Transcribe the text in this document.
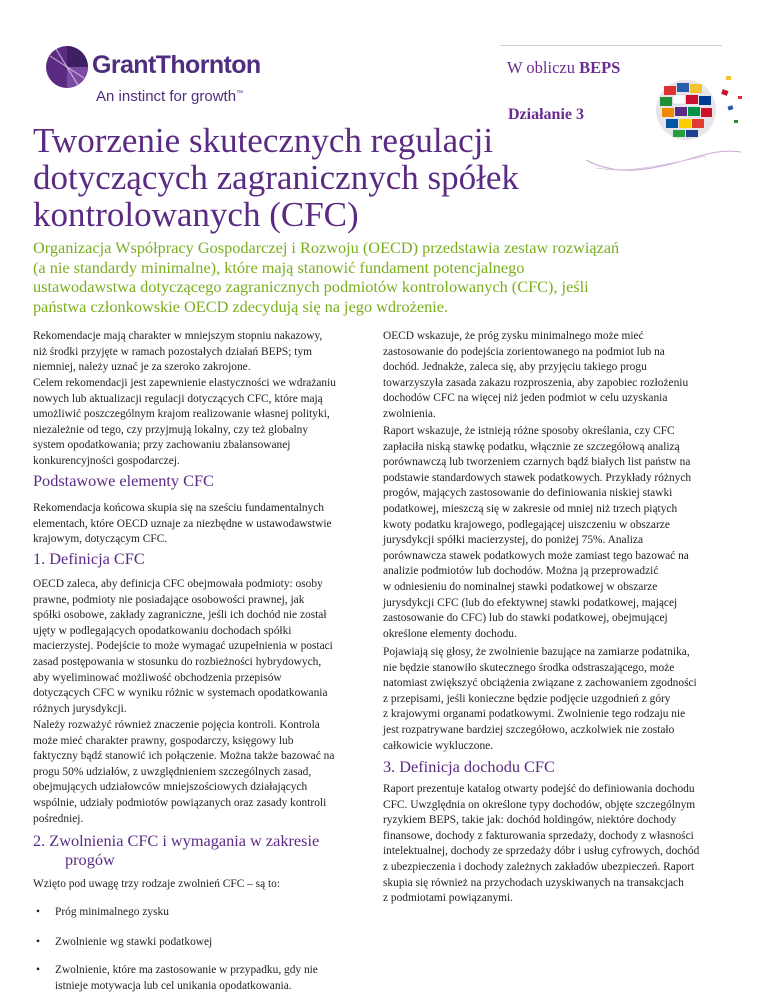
GrantThornton
An instinct for growth™
W obliczu BEPS
Działanie 3
Tworzenie skutecznych regulacji
dotyczących zagranicznych spółek
kontrolowanych (CFC)
Organizacja Współpracy Gospodarczej i Rozwoju (OECD) przedstawia zestaw rozwiązań
(a nie standardy minimalne), które mają stanowić fundament potencjalnego
ustawodawstwa dotyczącego zagranicznych podmiotów kontrolowanych (CFC), jeśli
państwa członkowskie OECD zdecydują się na jego wdrożenie.
Rekomendacje mają charakter w mniejszym stopniu nakazowy,
niż środki przyjęte w ramach pozostałych działań BEPS; tym
niemniej, należy uznać je za szeroko zakrojone.
Celem rekomendacji jest zapewnienie elastyczności we wdrażaniu
nowych lub aktualizacji regulacji dotyczących CFC, które mają
umożliwić poszczególnym krajom realizowanie własnej polityki,
niezależnie od tego, czy przyjmują lokalny, czy też globalny
system opodatkowania; przy zachowaniu zbalansowanej
konkurencyjności gospodarczej.
Podstawowe elementy CFC
Rekomendacja końcowa skupia się na sześciu fundamentalnych
elementach, które OECD uznaje za niezbędne w ustawodawstwie
krajowym, dotyczącym CFC.
1. Definicja CFC
OECD zaleca, aby definicja CFC obejmowała podmioty: osoby
prawne, podmioty nie posiadające osobowości prawnej, jak
spółki osobowe, zakłady zagraniczne, jeśli ich dochód nie został
ujęty w podlegających opodatkowaniu dochodach spółki
macierzystej. Podejście to może wymagać uzupełnienia w postaci
zasad postępowania w stosunku do rozbieżności hybrydowych,
aby wyeliminować możliwość obchodzenia przepisów
dotyczących CFC w wyniku różnic w systemach opodatkowania
różnych jurysdykcji.
Należy rozważyć również znaczenie pojęcia kontroli. Kontrola
może mieć charakter prawny, gospodarczy, księgowy lub
faktyczny bądź stanowić ich połączenie. Można także bazować na
progu 50% udziałów, z uwzględnieniem szczególnych zasad,
obejmujących udziałowców mniejszościowych działających
wspólnie, udziały podmiotów powiązanych oraz zasady kontroli
pośredniej.
2. Zwolnienia CFC i wymagania w zakresie
progów
Wzięto pod uwagę trzy rodzaje zwolnień CFC – są to:
• Próg minimalnego zysku
• Zwolnienie wg stawki podatkowej
• Zwolnienie, które ma zastosowanie w przypadku, gdy nie
istnieje motywacja lub cel unikania opodatkowania.
OECD wskazuje, że próg zysku minimalnego może mieć
zastosowanie do podejścia zorientowanego na podmiot lub na
dochód. Jednakże, zaleca się, aby przyjęciu takiego progu
towarzyszyła zasada zakazu rozproszenia, aby zapobiec rozłożeniu
dochodów CFC na więcej niż jeden podmiot w celu uzyskania
zwolnienia.
Raport wskazuje, że istnieją różne sposoby określania, czy CFC
zapłaciła niską stawkę podatku, włącznie ze szczegółową analizą
porównawczą lub tworzeniem czarnych bądź białych list państw na
podstawie standardowych stawek podatkowych. Przykłady różnych
progów, mających zastosowanie do definiowania niskiej stawki
podatkowej, mieszczą się w zakresie od mniej niż trzech piątych
kwoty podatku krajowego, podlegającej uiszczeniu w obszarze
jurysdykcji spółki macierzystej, do poniżej 75%. Analiza
porównawcza stawek podatkowych może zamiast tego bazować na
analizie podmiotów lub dochodów. Można ją przeprowadzić
w odniesieniu do nominalnej stawki podatkowej w obszarze
jurysdykcji CFC (lub do efektywnej stawki podatkowej, mającej
zastosowanie do CFC) lub do stawki podatkowej, obejmującej
określone elementy dochodu.
Pojawiają się głosy, że zwolnienie bazujące na zamiarze podatnika,
nie będzie stanowiło skutecznego środka odstraszającego, może
natomiast zwiększyć obciążenia związane z zachowaniem zgodności
z przepisami, jeśli konieczne będzie podjęcie uzgodnień z góry
z krajowymi organami podatkowymi. Zwolnienie tego rodzaju nie
jest rozpatrywane bardziej szczegółowo, aczkolwiek nie zostało
całkowicie wykluczone.
3. Definicja dochodu CFC
Raport prezentuje katalog otwarty podejść do definiowania dochodu
CFC. Uwzględnia on określone typy dochodów, objęte szczególnym
ryzykiem BEPS, takie jak: dochód holdingów, niektóre dochody
finansowe, dochody z fakturowania sprzedaży, dochody z własności
intelektualnej, dochody ze sprzedaży dóbr i usług cyfrowych, dochód
z ubezpieczenia i dochody zależnych zakładów ubezpieczeń. Raport
skupia się również na przychodach uzyskiwanych na transakcjach
z podmiotami powiązanymi.
